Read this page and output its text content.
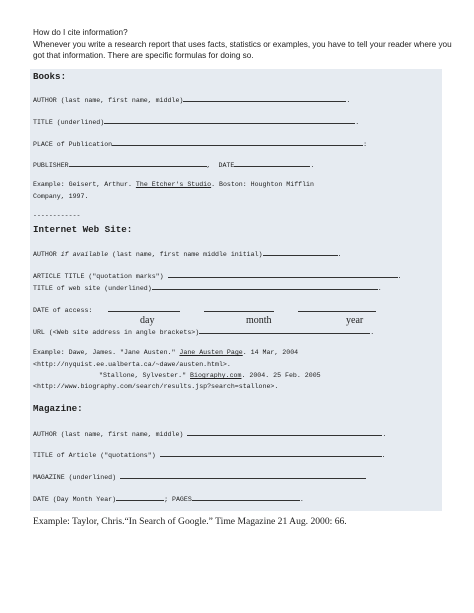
How do I cite information?
Whenever you write a research report that uses facts, statistics or examples, you have to tell your reader where you
got that information. There are specific formulas for doing so.
Books:
AUTHOR (last name, first name, middle)	.
TITLE (underlined)	.
PLACE of Publication	:
PUBLISHER	,  DATE	.
Example: Geisert, Arthur. The Etcher's Studio. Boston: Houghton Mifflin
Company, 1997.
------------
Internet Web Site:
AUTHOR if available (last name, first name middle initial)	.
ARTICLE TITLE ("quotation marks")	.
TITLE of web site (underlined)	.
DATE of access:
day	month	year
URL (<Web site address in angle brackets>)	.
Example: Dawe, James. "Jane Austen." Jane Austen Page. 14 Mar, 2004
<http://nyquist.ee.ualberta.ca/~dawe/austen.html>.
"Stallone, Sylvester." Biography.com. 2004. 25 Feb. 2005
<http://www.biography.com/search/results.jsp?search=stallone>.
Magazine:
AUTHOR (last name, first name, middle)	.
TITLE of Article ("quotations")	.
MAGAZINE (underlined)
DATE (Day Month Year)	; PAGES	.
Example: Taylor, Chris.“In Search of Google.” Time Magazine 21 Aug. 2000: 66.
